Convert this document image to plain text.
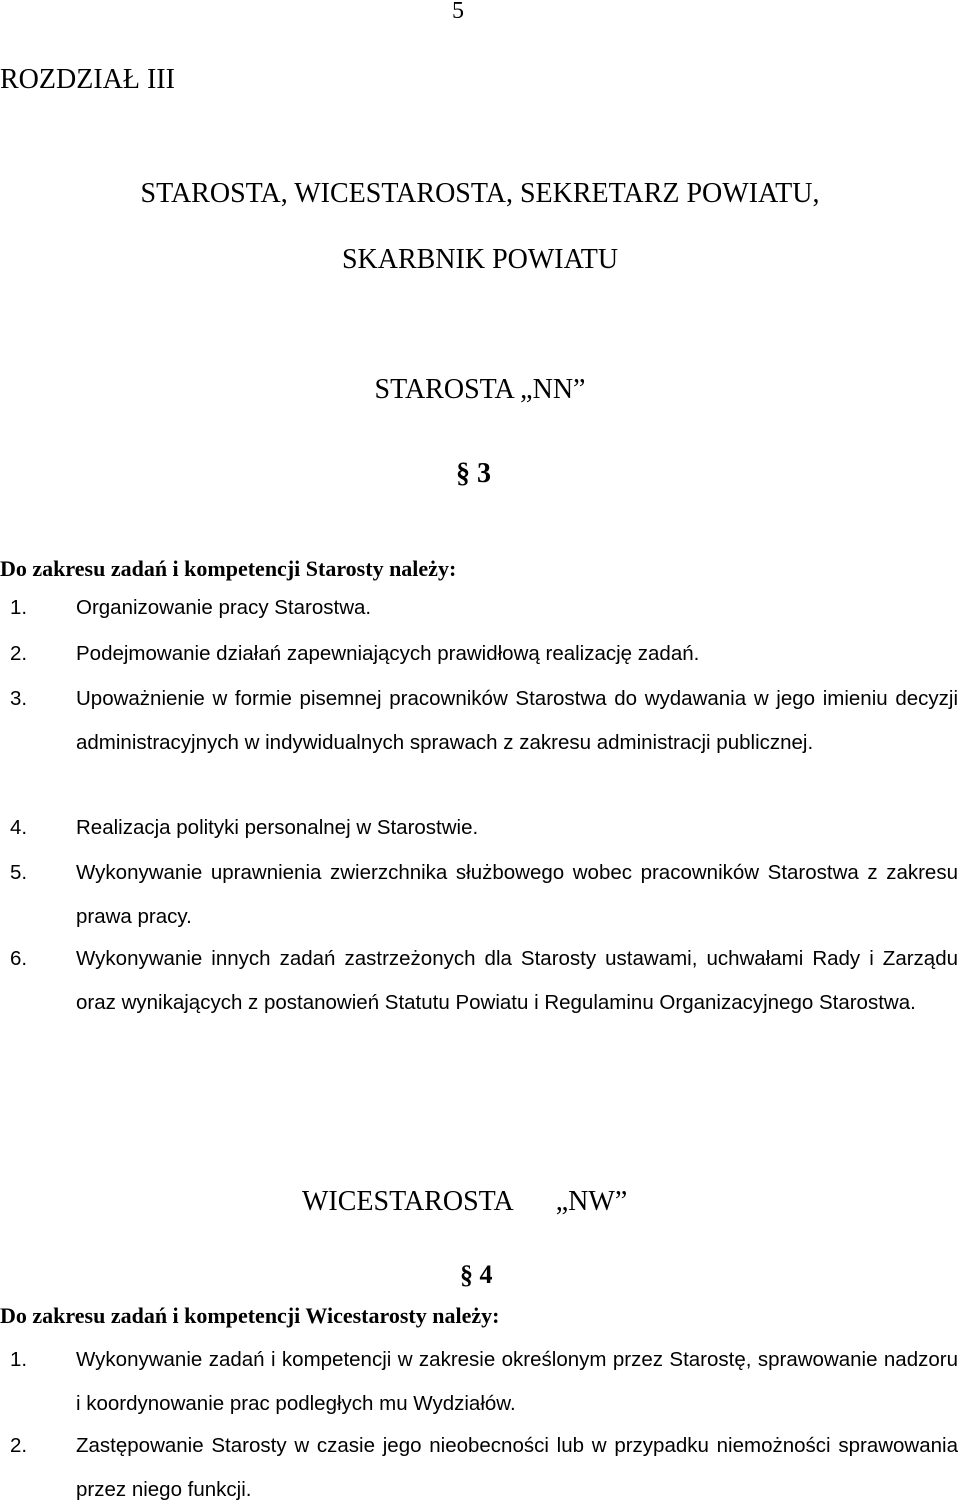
5
ROZDZIAŁ III
STAROSTA, WICESTAROSTA, SEKRETARZ POWIATU,
SKARBNIK POWIATU
STAROSTA „NN”
§ 3
Do zakresu zadań i kompetencji Starosty należy:
1. Organizowanie pracy Starostwa.
2. Podejmowanie działań zapewniających prawidłową realizację zadań.
3. Upoważnienie w formie pisemnej pracowników Starostwa do wydawania w jego imieniu decyzji administracyjnych w indywidualnych sprawach z zakresu administracji publicznej.
4. Realizacja polityki personalnej w Starostwie.
5. Wykonywanie uprawnienia zwierzchnika służbowego wobec pracowników Starostwa z zakresu prawa pracy.
6. Wykonywanie innych zadań zastrzeżonych dla Starosty ustawami, uchwałami Rady i Zarządu oraz wynikających z postanowień Statutu Powiatu i Regulaminu Organizacyjnego Starostwa.
WICESTAROSTA „NW”
§ 4
Do zakresu zadań i kompetencji Wicestarosty należy:
1. Wykonywanie zadań i kompetencji w zakresie określonym przez Starostę, sprawowanie nadzoru i koordynowanie prac podległych mu Wydziałów.
2. Zastępowanie Starosty w czasie jego nieobecności lub w przypadku niemożności sprawowania przez niego funkcji.
